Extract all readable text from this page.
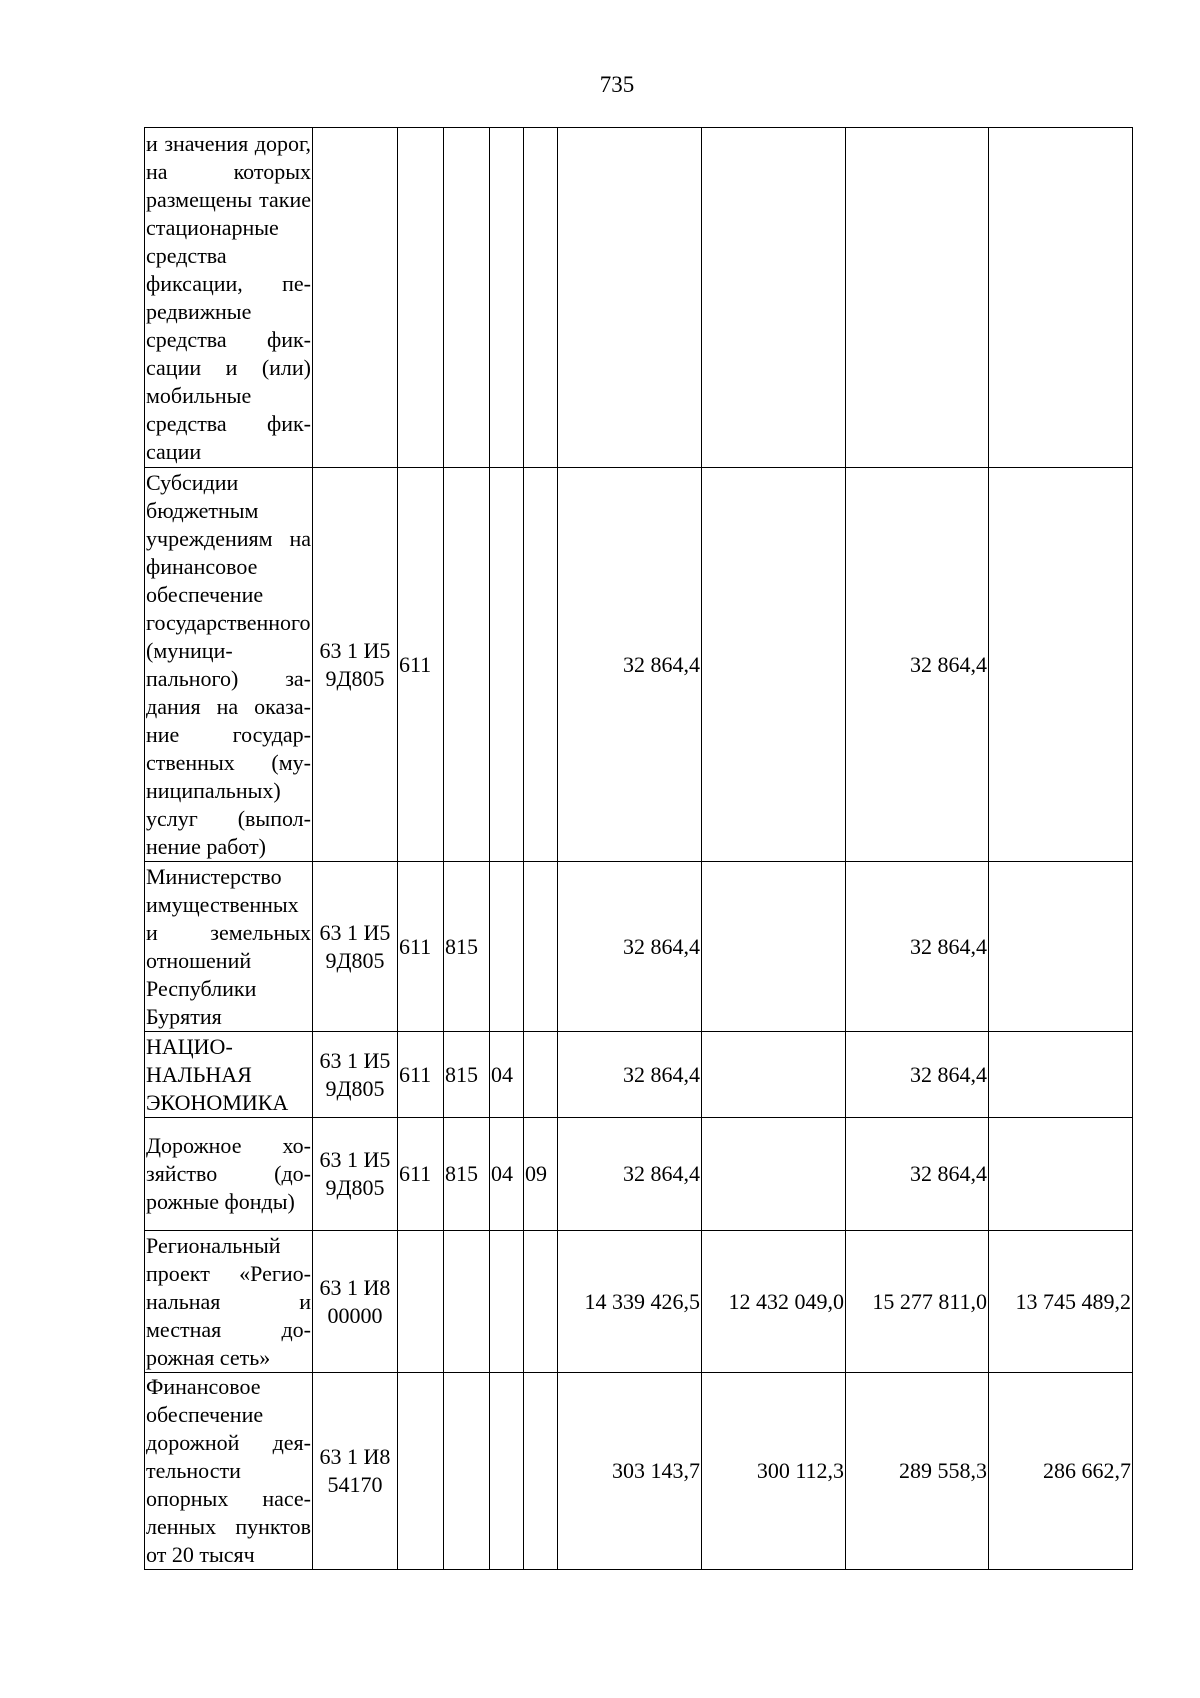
735
и значения дорог, на которых размещены такие стационарные средства фиксации, передвижные средства фиксации и (или) мобильные средства фиксации									
Субсидии бюджетным учреждениям на финансовое обеспечение государственного (муниципального) задания на оказание государственных (муниципальных) услуг (выполнение работ)	63 1 И5 9Д805	611				32 864,4		32 864,4	
Министерство имущественных и земельных отношений Республики Бурятия	63 1 И5 9Д805	611	815			32 864,4		32 864,4	
НАЦИОНАЛЬНАЯ ЭКОНОМИКА	63 1 И5 9Д805	611	815	04		32 864,4		32 864,4	
Дорожное хозяйство (дорожные фонды)	63 1 И5 9Д805	611	815	04	09	32 864,4		32 864,4	
Региональный проект «Региональная и местная дорожная сеть»	63 1 И8 00000					14 339 426,5	12 432 049,0	15 277 811,0	13 745 489,2
Финансовое обеспечение дорожной деятельности опорных населенных пунктов от 20 тысяч	63 1 И8 54170					303 143,7	300 112,3	289 558,3	286 662,7
